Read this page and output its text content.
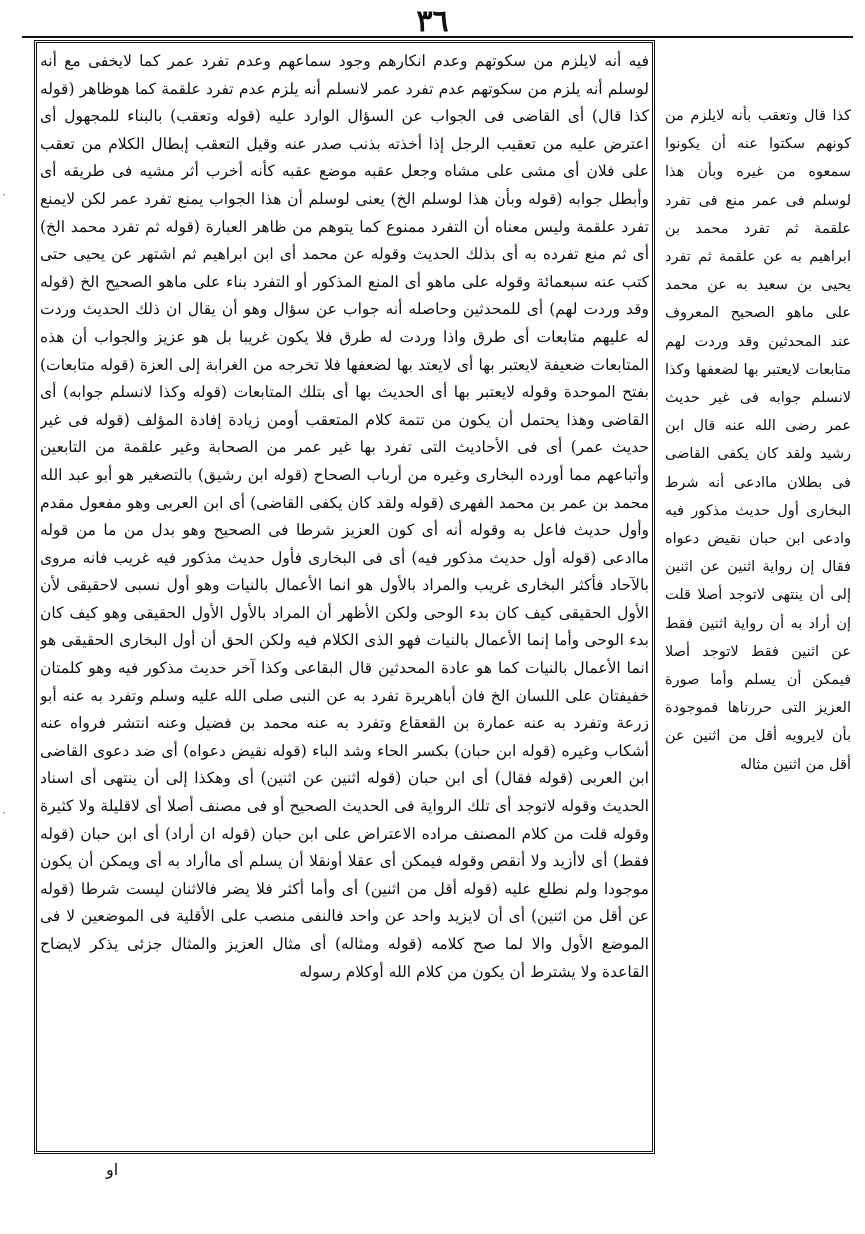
٣٦

فيه أنه لايلزم من سكوتهم وعدم انكارهم وجود سماعهم وعدم تفرد عمر كما لايخفى مع أنه لوسلم أنه يلزم من سكوتهم عدم تفرد عمر لانسلم أنه يلزم عدم تفرد علقمة كما هوظاهر (قوله كذا قال) أى القاضى فى الجواب عن السؤال الوارد عليه (قوله وتعقب) بالبناء للمجهول أى اعترض عليه من تعقيب الرجل إذا أخذته بذنب صدر عنه وقيل التعقب إبطال الكلام من تعقب على فلان أى مشى على مشاه وجعل عقبه موضع عقبه كأنه أخرب أثر مشيه فى طريقه أى وأبطل جوابه (قوله وبأن هذا لوسلم الخ) يعنى لوسلم أن هذا الجواب يمنع تفرد عمر لكن لايمنع تفرد علقمة وليس معناه أن التفرد ممنوع كما يتوهم من ظاهر العبارة (قوله ثم تفرد محمد الخ) أى ثم منع تفرده به أى بذلك الحديث وقوله عن محمد أى ابن ابراهيم ثم اشتهر عن يحيى حتى كتب عنه سبعمائة وقوله على ماهو أى المنع المذكور أو التفرد بناء على ماهو الصحيح الخ (قوله وقد وردت لهم) أى للمحدثين وحاصله أنه جواب عن سؤال وهو أن يقال ان ذلك الحديث وردت له عليهم متابعات أى طرق واذا وردت له طرق فلا يكون غريبا بل هو عزيز والجواب أن هذه المتابعات ضعيفة لايعتبر بها أى لايعتد بها لضعفها فلا تخرجه من الغرابة إلى العزة (قوله متابعات) بفتح الموحدة وقوله لايعتبر بها أى الحديث بها أى بتلك المتابعات (قوله وكذا لانسلم جوابه) أى القاضى وهذا يحتمل أن يكون من تتمة كلام المتعقب أومن زيادة إفادة المؤلف (قوله فى غير حديث عمر) أى فى الأحاديث التى تفرد بها غير عمر من الصحابة وغير علقمة من التابعين وأتباعهم مما أورده البخارى وغيره من أرباب الصحاح (قوله ابن رشيق) بالتصغير هو أبو عبد الله محمد بن عمر بن محمد الفهرى (قوله ولقد كان يكفى القاضى) أى ابن العربى وهو مفعول مقدم وأول حديث فاعل به وقوله أنه أى كون العزيز شرطا فى الصحيح وهو بدل من ما من قوله ماادعى (قوله أول حديث مذكور فيه) أى فى البخارى فأول حديث مذكور فيه غريب فانه مروى بالآحاد فأكثر البخارى غريب والمراد بالأول هو انما الأعمال بالنيات وهو أول نسبى لاحقيقى لأن الأول الحقيقى كيف كان بدء الوحى ولكن الأظهر أن المراد بالأول الأول الحقيقى وهو كيف كان بدء الوحى وأما إنما الأعمال بالنيات فهو الذى الكلام فيه ولكن الحق أن أول البخارى الحقيقى هو انما الأعمال بالنيات كما هو عادة المحدثين قال البقاعى وكذا آخر حديث مذكور فيه وهو كلمتان خفيفتان على اللسان الخ فان أباهريرة تفرد به عن النبى صلى الله عليه وسلم وتفرد به عنه أبو زرعة وتفرد به عنه عمارة بن القعقاع وتفرد به عنه محمد بن فضيل وعنه انتشر فرواه عنه أشكاب وغيره (قوله ابن حبان) بكسر الحاء وشد الباء (قوله نقيض دعواه) أى ضد دعوى القاضى ابن العربى (قوله فقال) أى ابن حبان (قوله اثنين عن اثنين) أى وهكذا إلى أن ينتهى أى اسناد الحديث وقوله لاتوجد أى تلك الرواية فى الحديث الصحيح أو فى مصنف أصلا أى لاقليلة ولا كثيرة وقوله قلت من كلام المصنف مراده الاعتراض على ابن حبان (قوله ان أراد) أى ابن حبان (قوله فقط) أى لاأزيد ولا أنقص وقوله فيمكن أى عقلا أونقلا أن يسلم أى ماأراد به أى ويمكن أن يكون موجودا ولم نطلع عليه (قوله أقل من اثنين) أى وأما أكثر فلا يضر فالاثنان ليست شرطا (قوله عن أقل من اثنين) أى أن لايزيد واحد عن واحد فالنفى منصب على الأقلية فى الموضعين لا فى الموضع الأول والا لما صح كلامه (قوله ومثاله) أى مثال العزيز والمثال جزئى يذكر لايضاح القاعدة ولا يشترط أن يكون من كلام الله أوكلام رسوله

كذا قال وتعقب بأنه لايلزم من كونهم سكتوا عنه أن يكونوا سمعوه من غيره وبأن هذا لوسلم فى عمر منع فى تفرد علقمة ثم تفرد محمد بن ابراهيم به عن علقمة ثم تفرد يحيى بن سعيد به عن محمد على ماهو الصحيح المعروف عند المحدثين وقد وردت لهم متابعات لايعتبر بها لضعفها وكذا لانسلم جوابه فى غير حديث عمر رضى الله عنه قال ابن رشيد ولقد كان يكفى القاضى فى بطلان ماادعى أنه شرط البخارى أول حديث مذكور فيه وادعى ابن حبان نقيض دعواه فقال إن رواية اثنين عن اثنين إلى أن ينتهى لاتوجد أصلا قلت إن أراد به أن رواية اثنين فقط عن اثنين فقط لاتوجد أصلا فيمكن أن يسلم وأما صورة العزيز التى حررناها فموجودة بأن لايرويه أقل من اثنين عن أقل من اثنين مثاله

او
·
·
